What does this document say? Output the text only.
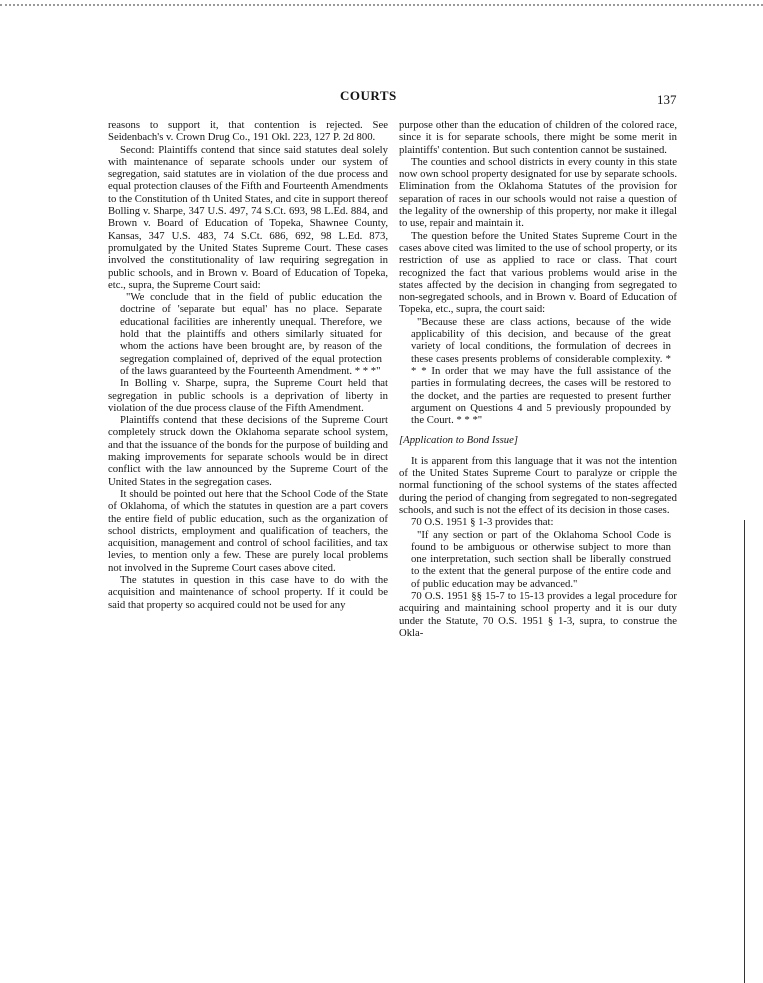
COURTS	137

reasons to support it, that contention is rejected. See Seidenbach's v. Crown Drug Co., 191 Okl. 223, 127 P. 2d 800.

Second: Plaintiffs contend that since said statutes deal solely with maintenance of separate schools under our system of segregation, said statutes are in violation of the due process and equal protection clauses of the Fifth and Fourteenth Amendments to the Constitution of th United States, and cite in support thereof Bolling v. Sharpe, 347 U.S. 497, 74 S.Ct. 693, 98 L.Ed. 884, and Brown v. Board of Education of Topeka, Shawnee County, Kansas, 347 U.S. 483, 74 S.Ct. 686, 692, 98 L.Ed. 873, promulgated by the United States Supreme Court. These cases involved the constitutionality of law requiring segregation in public schools, and in Brown v. Board of Education of Topeka, etc., supra, the Supreme Court said:

"We conclude that in the field of public education the doctrine of 'separate but equal' has no place. Separate educational facilities are inherently unequal. Therefore, we hold that the plaintiffs and others similarly situated for whom the actions have been brought are, by reason of the segregation complained of, deprived of the equal protection of the laws guaranteed by the Fourteenth Amendment. * * *"

In Bolling v. Sharpe, supra, the Supreme Court held that segregation in public schools is a deprivation of liberty in violation of the due process clause of the Fifth Amendment.

Plaintiffs contend that these decisions of the Supreme Court completely struck down the Oklahoma separate school system, and that the issuance of the bonds for the purpose of building and making improvements for separate schools would be in direct conflict with the law announced by the Supreme Court of the United States in the segregation cases.

It should be pointed out here that the School Code of the State of Oklahoma, of which the statutes in question are a part covers the entire field of public education, such as the organization of school districts, employment and qualification of teachers, the acquisition, management and control of school facilities, and tax levies, to mention only a few. These are purely local problems not involved in the Supreme Court cases above cited.

The statutes in question in this case have to do with the acquisition and maintenance of school property. If it could be said that property so acquired could not be used for any

purpose other than the education of children of the colored race, since it is for separate schools, there might be some merit in plaintiffs' contention. But such contention cannot be sustained.

The counties and school districts in every county in this state now own school property designated for use by separate schools. Elimination from the Oklahoma Statutes of the provision for separation of races in our schools would not raise a question of the legality of the ownership of this property, nor make it illegal to use, repair and maintain it.

The question before the United States Supreme Court in the cases above cited was limited to the use of school property, or its restriction of use as applied to race or class. That court recognized the fact that various problems would arise in the states affected by the decision in changing from segregated to non-segregated schools, and in Brown v. Board of Education of Topeka, etc., supra, the court said:

"Because these are class actions, because of the wide applicability of this decision, and because of the great variety of local conditions, the formulation of decrees in these cases presents problems of considerable complexity. * * * In order that we may have the full assistance of the parties in formulating decrees, the cases will be restored to the docket, and the parties are requested to present further argument on Questions 4 and 5 previously propounded by the Court. * * *"

[Application to Bond Issue]

It is apparent from this language that it was not the intention of the United States Supreme Court to paralyze or cripple the normal functioning of the school systems of the states affected during the period of changing from segregated to non-segregated schools, and such is not the effect of its decision in those cases.

70 O.S. 1951 § 1-3 provides that:

"If any section or part of the Oklahoma School Code is found to be ambiguous or otherwise subject to more than one interpretation, such section shall be liberally construed to the extent that the general purpose of the entire code and of public education may be advanced."

70 O.S. 1951 §§ 15-7 to 15-13 provides a legal procedure for acquiring and maintaining school property and it is our duty under the Statute, 70 O.S. 1951 § 1-3, supra, to construe the Okla-
